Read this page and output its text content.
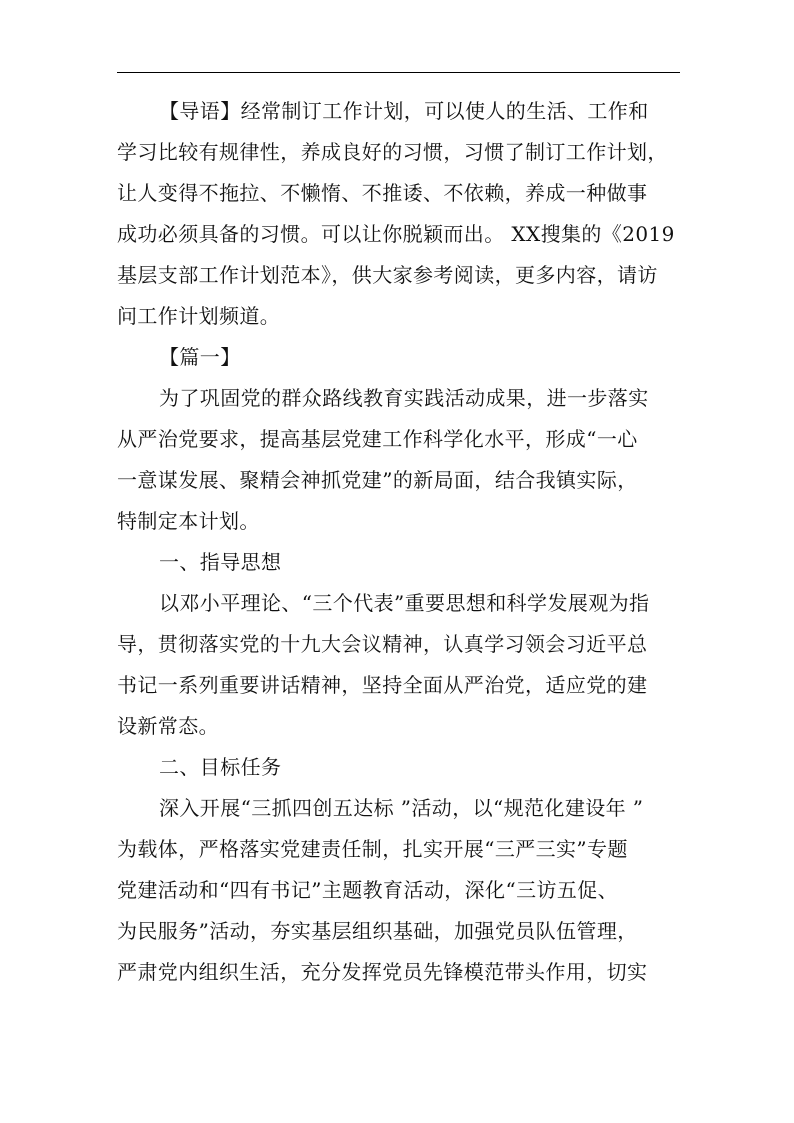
【导语】经常制订工作计划，可以使人的生活、工作和
学习比较有规律性，养成良好的习惯，习惯了制订工作计划，
让人变得不拖拉、不懒惰、不推诿、不依赖，养成一种做事
成功必须具备的习惯。可以让你脱颖而出。 XX搜集的《2019
基层支部工作计划范本》，供大家参考阅读，更多内容，请访
问工作计划频道。
【篇一】
为了巩固党的群众路线教育实践活动成果，进一步落实
从严治党要求，提高基层党建工作科学化水平，形成“一心
一意谋发展、聚精会神抓党建”的新局面，结合我镇实际，
特制定本计划。
一、指导思想
以邓小平理论、“三个代表”重要思想和科学发展观为指
导，贯彻落实党的十九大会议精神，认真学习领会习近平总
书记一系列重要讲话精神，坚持全面从严治党，适应党的建
设新常态。
二、目标任务
深入开展“三抓四创五达标 ”活动，以“规范化建设年 ”
为载体，严格落实党建责任制，扎实开展“三严三实”专题
党建活动和“四有书记”主题教育活动，深化“三访五促、
为民服务”活动，夯实基层组织基础，加强党员队伍管理，
严肃党内组织生活，充分发挥党员先锋模范带头作用，切实
